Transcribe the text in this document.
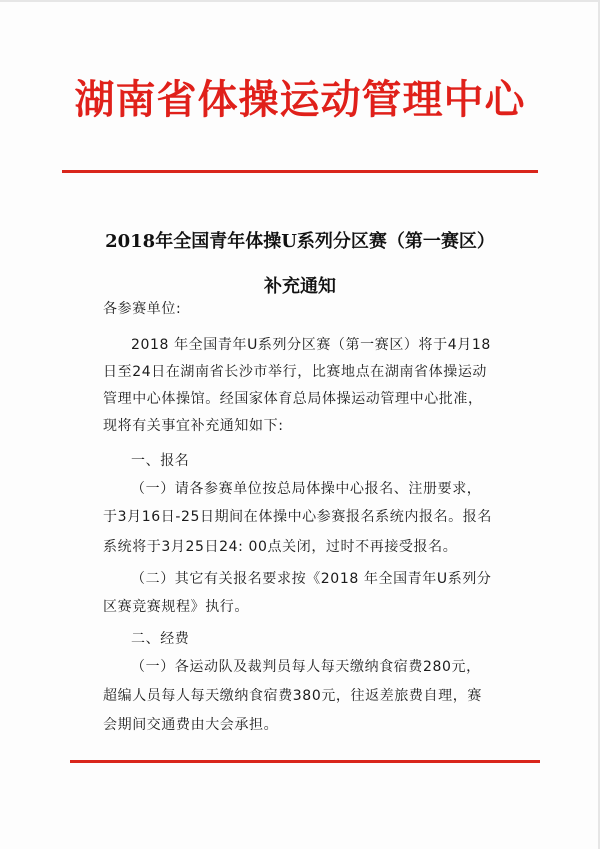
湖南省体操运动管理中心
2018年全国青年体操U系列分区赛（第一赛区）
补充通知
各参赛单位:
2018 年全国青年U系列分区赛（第一赛区）将于4月18
日至24日在湖南省长沙市举行，比赛地点在湖南省体操运动
管理中心体操馆。经国家体育总局体操运动管理中心批准，
现将有关事宜补充通知如下:
一、报名
（一）请各参赛单位按总局体操中心报名、注册要求，
于3月16日-25日期间在体操中心参赛报名系统内报名。报名
系统将于3月25日24: 00点关闭，过时不再接受报名。
（二）其它有关报名要求按《2018 年全国青年U系列分
区赛竞赛规程》执行。
二、经费
（一）各运动队及裁判员每人每天缴纳食宿费280元，
超编人员每人每天缴纳食宿费380元，往返差旅费自理，赛
会期间交通费由大会承担。
